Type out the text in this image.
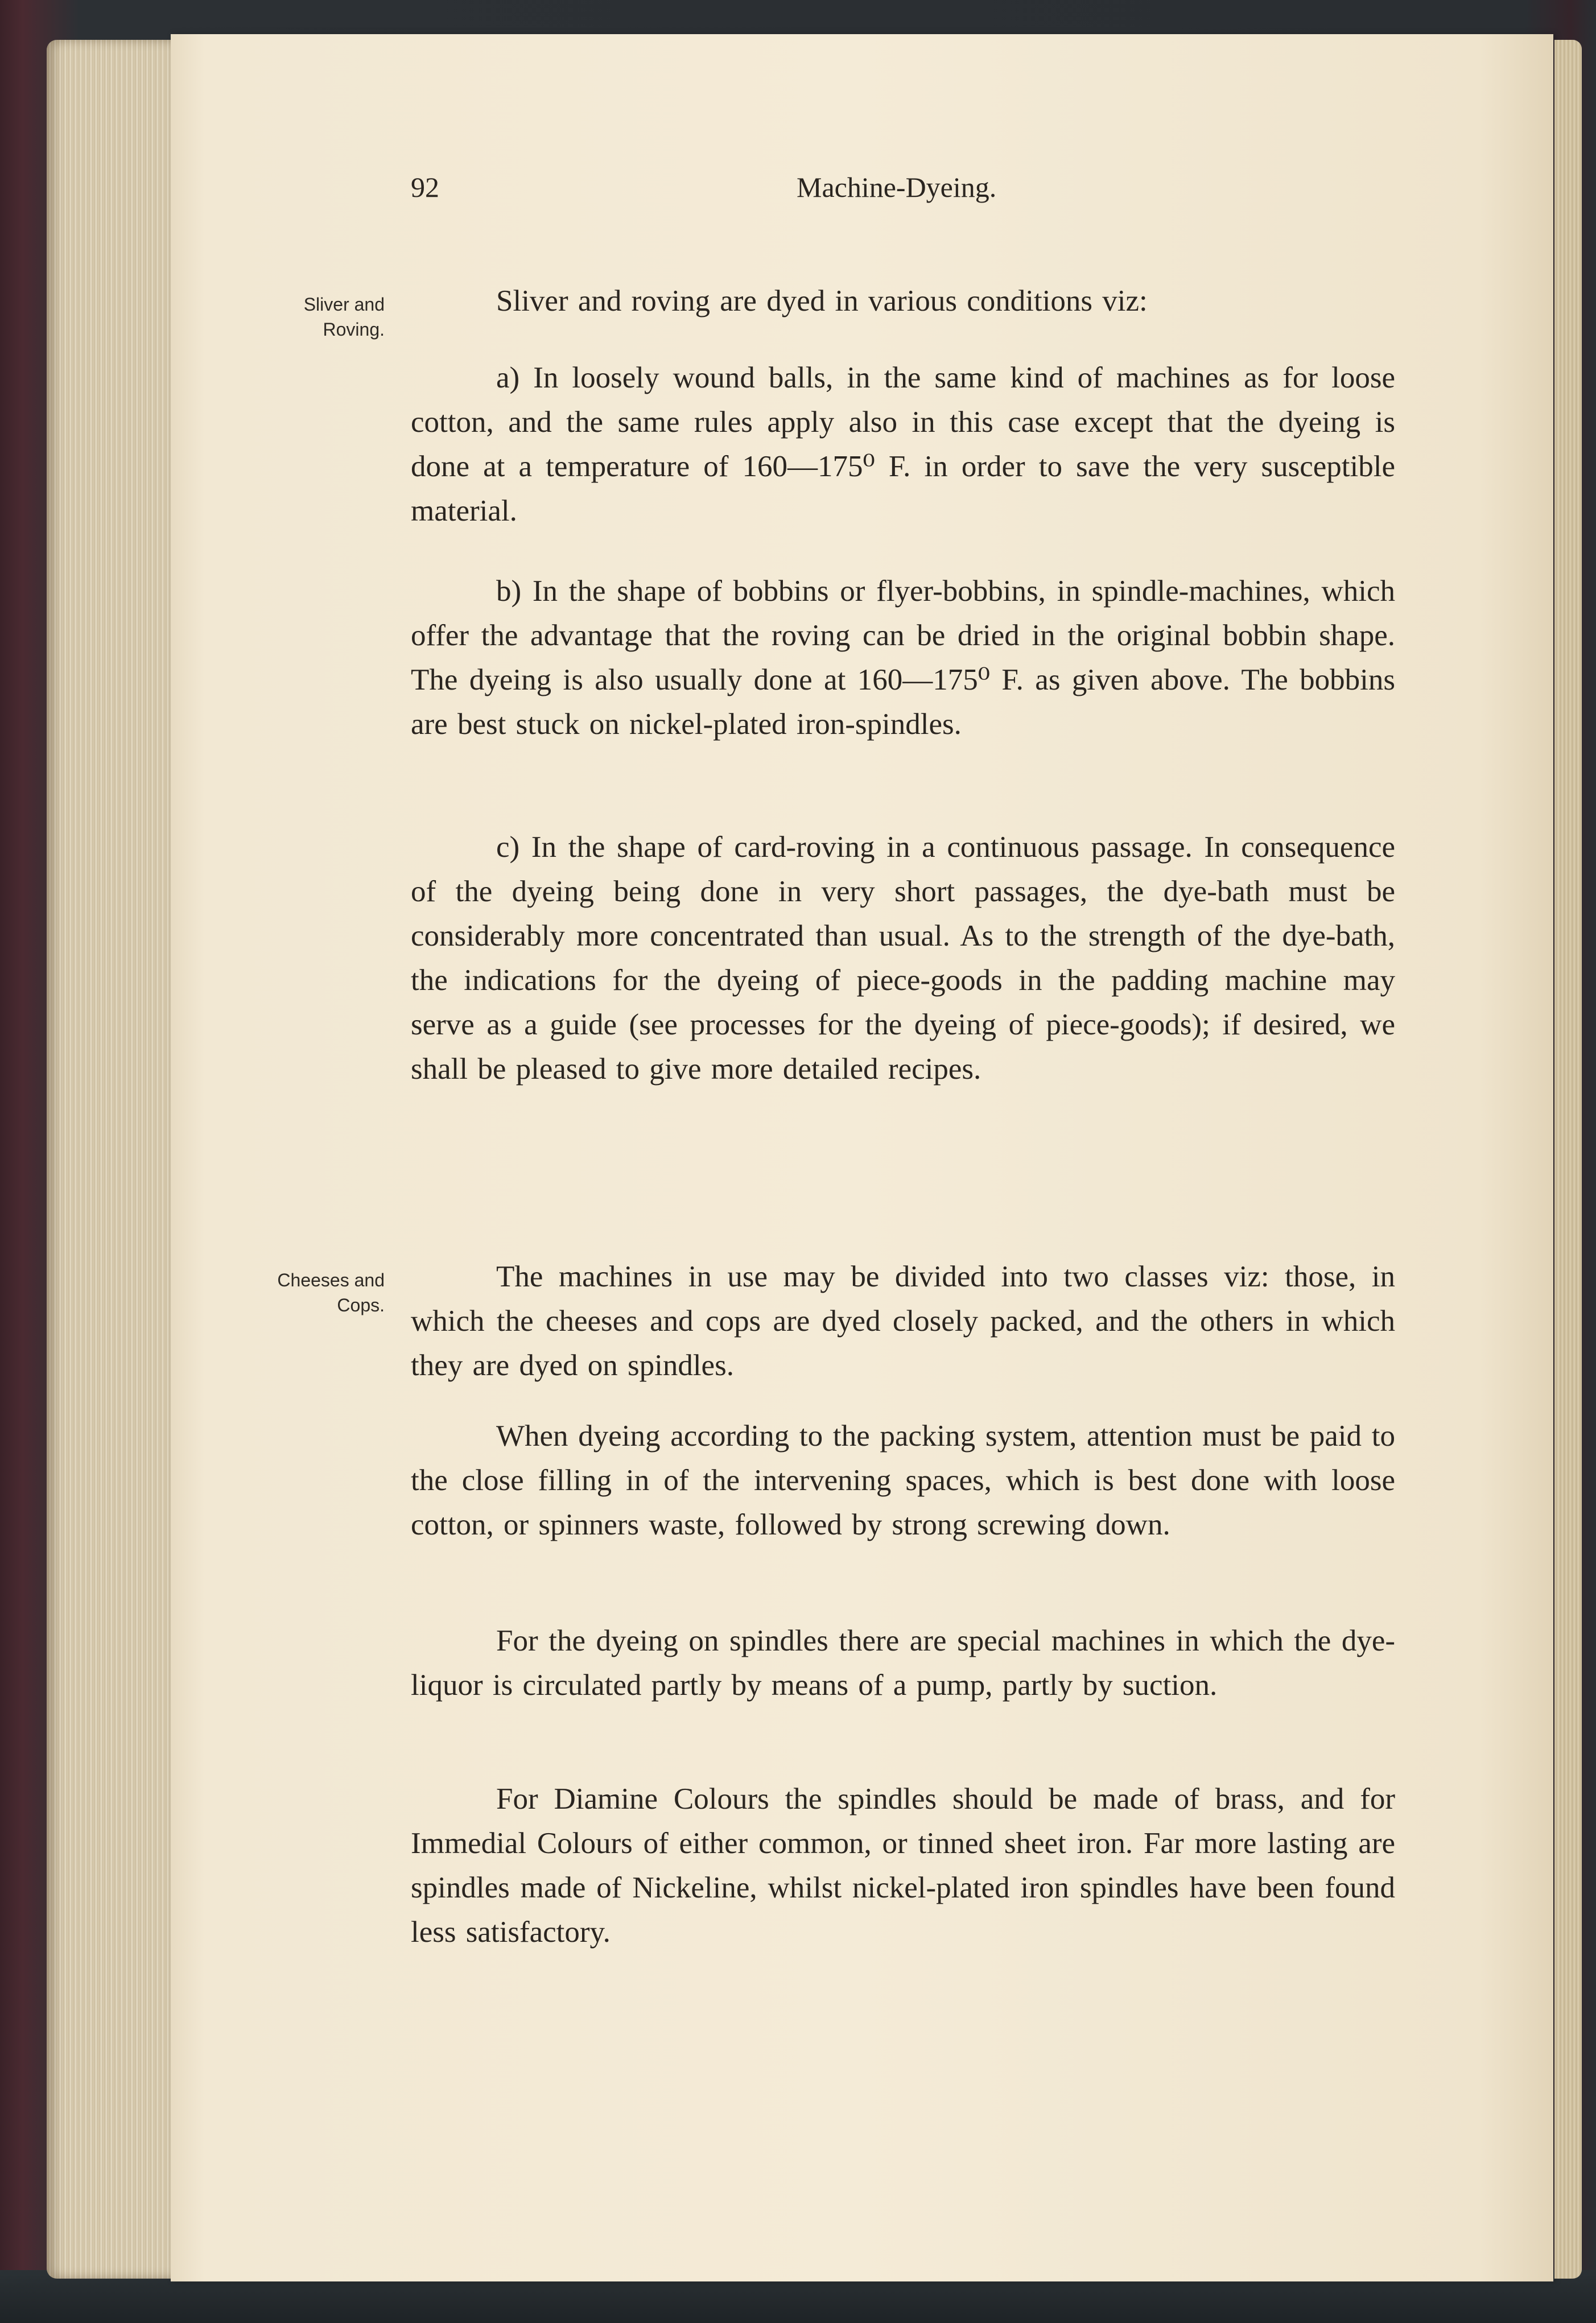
92	Machine-Dyeing.
Sliver and
Roving.
Cheeses and
Cops.

Sliver and roving are dyed in various conditions viz:

a) In loosely wound balls, in the same kind of machines as for loose cotton, and the same rules apply also in this case except that the dyeing is done at a temperature of 160—175⁰ F. in order to save the very susceptible material.

b) In the shape of bobbins or flyer-bobbins, in spindle-machines, which offer the advantage that the roving can be dried in the original bobbin shape. The dyeing is also usually done at 160—175⁰ F. as given above. The bobbins are best stuck on nickel-plated iron-spindles.

c) In the shape of card-roving in a continuous passage. In consequence of the dyeing being done in very short passages, the dye-bath must be considerably more concentrated than usual. As to the strength of the dye-bath, the indications for the dyeing of piece-goods in the padding machine may serve as a guide (see processes for the dyeing of piece-goods); if desired, we shall be pleased to give more detailed recipes.

The machines in use may be divided into two classes viz: those, in which the cheeses and cops are dyed closely packed, and the others in which they are dyed on spindles.

When dyeing according to the packing system, attention must be paid to the close filling in of the intervening spaces, which is best done with loose cotton, or spinners waste, followed by strong screwing down.

For the dyeing on spindles there are special machines in which the dye-liquor is circulated partly by means of a pump, partly by suction.

For Diamine Colours the spindles should be made of brass, and for Immedial Colours of either common, or tinned sheet iron. Far more lasting are spindles made of Nickeline, whilst nickel-plated iron spindles have been found less satisfactory.
